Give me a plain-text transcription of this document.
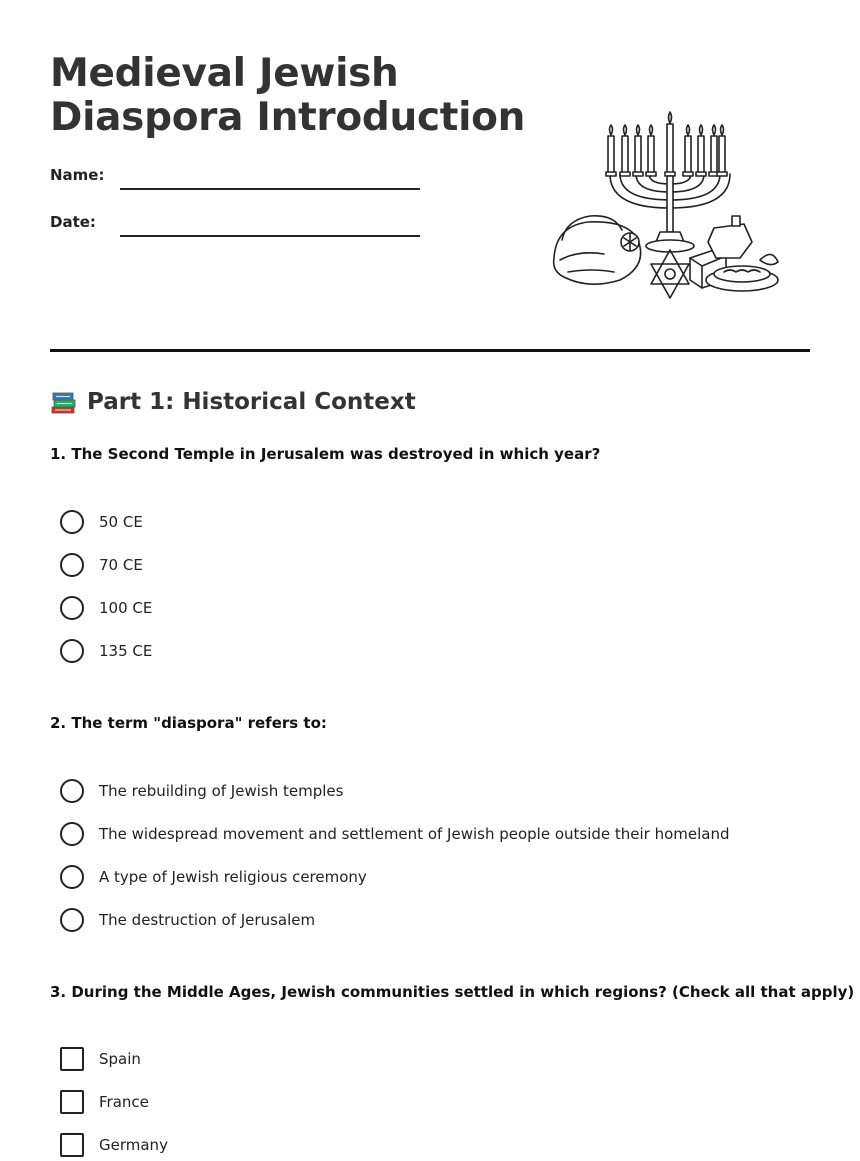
Medieval Jewish
Diaspora Introduction
Name:
Date:
Part 1: Historical Context

1. The Second Temple in Jerusalem was destroyed in which year?

50 CE
70 CE
100 CE
135 CE

2. The term "diaspora" refers to:

The rebuilding of Jewish temples
The widespread movement and settlement of Jewish people outside their homeland
A type of Jewish religious ceremony
The destruction of Jerusalem

3. During the Middle Ages, Jewish communities settled in which regions? (Check all that apply)

Spain
France
Germany
